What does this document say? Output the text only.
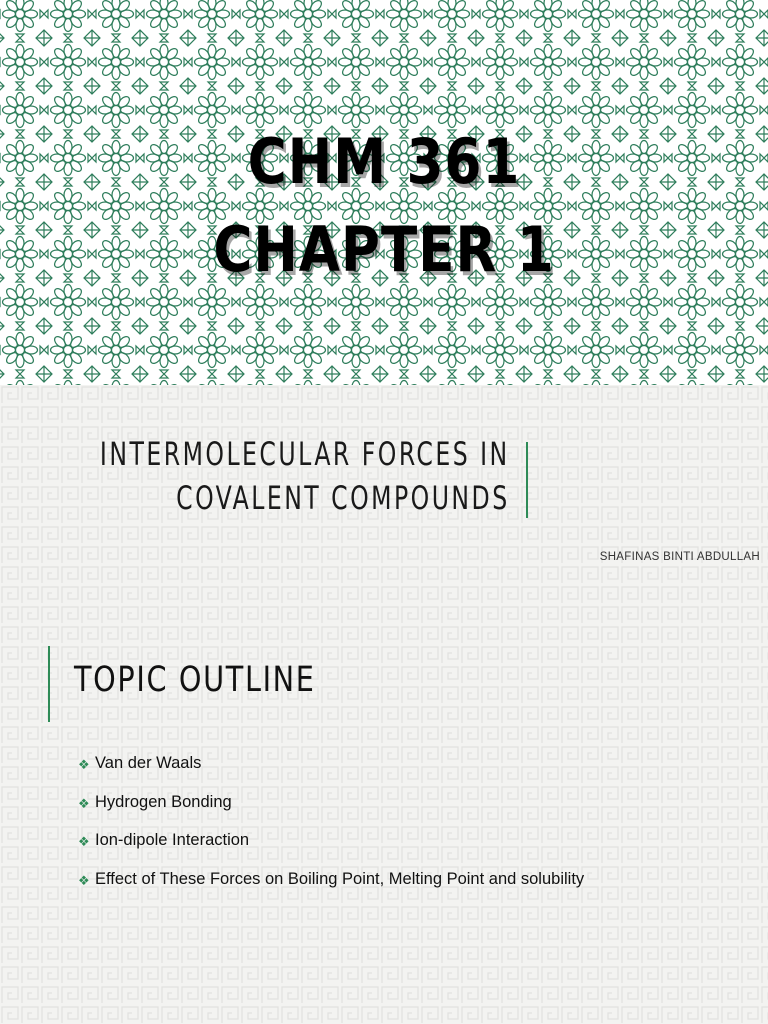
CHM 361
CHAPTER 1
INTERMOLECULAR FORCES IN
COVALENT COMPOUNDS
SHAFINAS BINTI ABDULLAH
TOPIC OUTLINE
❖ Van der Waals
❖ Hydrogen Bonding
❖ Ion-dipole Interaction
❖ Effect of These Forces on Boiling Point, Melting Point and solubility
